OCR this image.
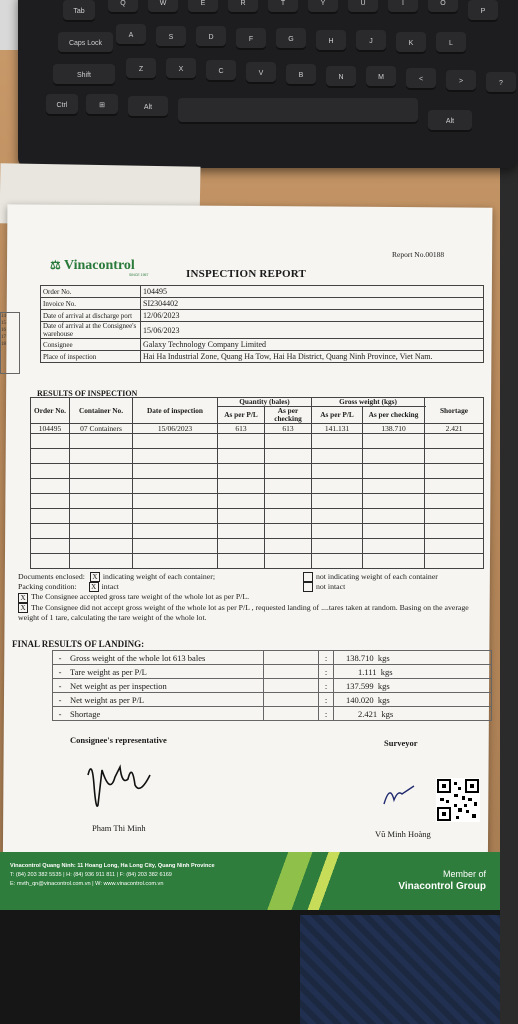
Tab
Q	W	E	R	T	Y	U	I	O
P
Caps Lock
A	S	D	F	G	H	J	K	L
Shift
Z	X	C	V	B	N	M	<	>	?
Ctrl	Alt
Alt
⊞
14
15
16
17
18
⚖ Vinacontrol
SINCE 1957
Report No.00188
INSPECTION REPORT
Order No.	104495
Invoice No.	SI2304402
Date of arrival at discharge port	12/06/2023
Date of arrival at the Consignee's warehouse	15/06/2023
Consignee	Galaxy Technology Company Limited
Place of inspection	Hai Ha Industrial Zone, Quang Ha Tow, Hai Ha District, Quang Ninh Province, Viet Nam.
RESULTS OF INSPECTION
Order No.	Container No.	Date of inspection	Quantity (bales)		Gross weight (kgs)		Shortage
			As per P/L	As per checking	As per P/L	As per checking	
104495	07 Containers	15/06/2023	613	613	141.131	138.710	2.421

Documents enclosed: X indicating weight of each container;	not indicating weight of each container
Packing condition: X intact	not intact
X The Consignee accepted gross tare weight of the whole lot as per P/L.
X The Consignee did not accept gross weight of the whole lot as per P/L , requested landing of ....tares taken at random. Basing on the average weight of 1 tare, calculating the tare weight of the whole lot.
FINAL RESULTS OF LANDING:
-	Gross weight of the whole lot 613 bales		:	138.710 kgs
-	Tare weight as per P/L		:	1.111 kgs
-	Net weight as per inspection		:	137.599 kgs
-	Net weight as per P/L		:	140.020 kgs
-	Shortage		:	2.421 kgs
Consignee's representative	Surveyor
Pham Thi Minh
Vũ Minh Hoàng
Vinacontrol Quang Ninh: 11 Hoang Long, Ha Long City, Quang Ninh Province
T: (84) 203 382 5535 | H: (84) 936 911 811 | F: (84) 203 382 6169
E: mvth_qn@vinacontrol.com.vn | W: www.vinacontrol.com.vn
Member of
Vinacontrol Group
